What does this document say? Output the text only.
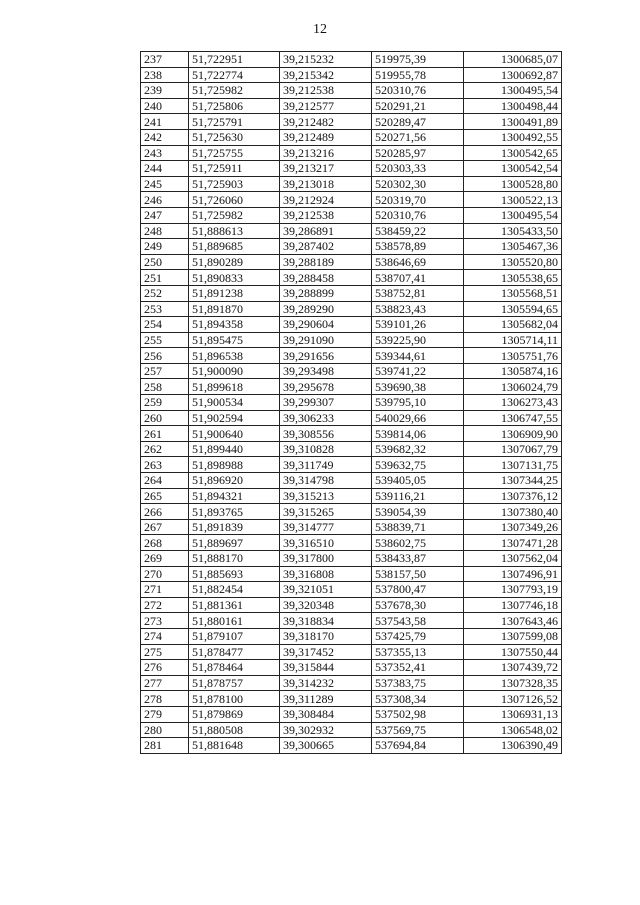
12
237	51,722951	39,215232	519975,39	1300685,07
238	51,722774	39,215342	519955,78	1300692,87
239	51,725982	39,212538	520310,76	1300495,54
240	51,725806	39,212577	520291,21	1300498,44
241	51,725791	39,212482	520289,47	1300491,89
242	51,725630	39,212489	520271,56	1300492,55
243	51,725755	39,213216	520285,97	1300542,65
244	51,725911	39,213217	520303,33	1300542,54
245	51,725903	39,213018	520302,30	1300528,80
246	51,726060	39,212924	520319,70	1300522,13
247	51,725982	39,212538	520310,76	1300495,54
248	51,888613	39,286891	538459,22	1305433,50
249	51,889685	39,287402	538578,89	1305467,36
250	51,890289	39,288189	538646,69	1305520,80
251	51,890833	39,288458	538707,41	1305538,65
252	51,891238	39,288899	538752,81	1305568,51
253	51,891870	39,289290	538823,43	1305594,65
254	51,894358	39,290604	539101,26	1305682,04
255	51,895475	39,291090	539225,90	1305714,11
256	51,896538	39,291656	539344,61	1305751,76
257	51,900090	39,293498	539741,22	1305874,16
258	51,899618	39,295678	539690,38	1306024,79
259	51,900534	39,299307	539795,10	1306273,43
260	51,902594	39,306233	540029,66	1306747,55
261	51,900640	39,308556	539814,06	1306909,90
262	51,899440	39,310828	539682,32	1307067,79
263	51,898988	39,311749	539632,75	1307131,75
264	51,896920	39,314798	539405,05	1307344,25
265	51,894321	39,315213	539116,21	1307376,12
266	51,893765	39,315265	539054,39	1307380,40
267	51,891839	39,314777	538839,71	1307349,26
268	51,889697	39,316510	538602,75	1307471,28
269	51,888170	39,317800	538433,87	1307562,04
270	51,885693	39,316808	538157,50	1307496,91
271	51,882454	39,321051	537800,47	1307793,19
272	51,881361	39,320348	537678,30	1307746,18
273	51,880161	39,318834	537543,58	1307643,46
274	51,879107	39,318170	537425,79	1307599,08
275	51,878477	39,317452	537355,13	1307550,44
276	51,878464	39,315844	537352,41	1307439,72
277	51,878757	39,314232	537383,75	1307328,35
278	51,878100	39,311289	537308,34	1307126,52
279	51,879869	39,308484	537502,98	1306931,13
280	51,880508	39,302932	537569,75	1306548,02
281	51,881648	39,300665	537694,84	1306390,49
